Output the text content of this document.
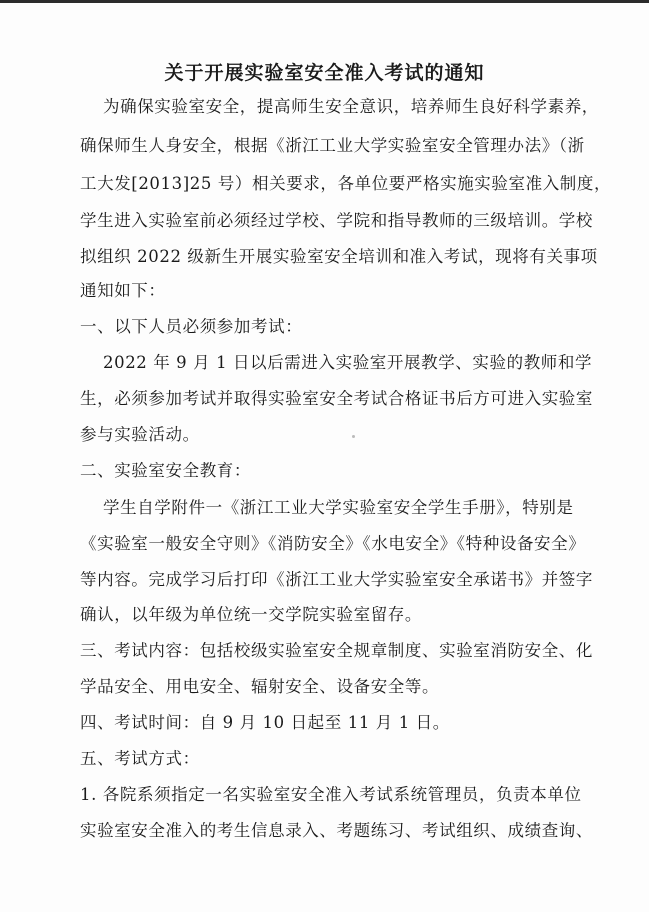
关于开展实验室安全准入考试的通知
为确保实验室安全，提高师生安全意识，培养师生良好科学素养，
确保师生人身安全，根据《浙江工业大学实验室安全管理办法》（浙
工大发[2013]25 号）相关要求，各单位要严格实施实验室准入制度，
学生进入实验室前必须经过学校、学院和指导教师的三级培训。学校
拟组织 2022 级新生开展实验室安全培训和准入考试，现将有关事项
通知如下：
一、以下人员必须参加考试：
2022 年 9 月 1 日以后需进入实验室开展教学、实验的教师和学
生，必须参加考试并取得实验室安全考试合格证书后方可进入实验室
参与实验活动。
二、实验室安全教育：
学生自学附件一《浙江工业大学实验室安全学生手册》，特别是
《实验室一般安全守则》《消防安全》《水电安全》《特种设备安全》
等内容。完成学习后打印《浙江工业大学实验室安全承诺书》并签字
确认，以年级为单位统一交学院实验室留存。
三、考试内容：包括校级实验室安全规章制度、实验室消防安全、化
学品安全、用电安全、辐射安全、设备安全等。
四、考试时间：自 9 月 10 日起至 11 月 1 日。
五、考试方式：
1. 各院系须指定一名实验室安全准入考试系统管理员，负责本单位
实验室安全准入的考生信息录入、考题练习、考试组织、成绩查询、
